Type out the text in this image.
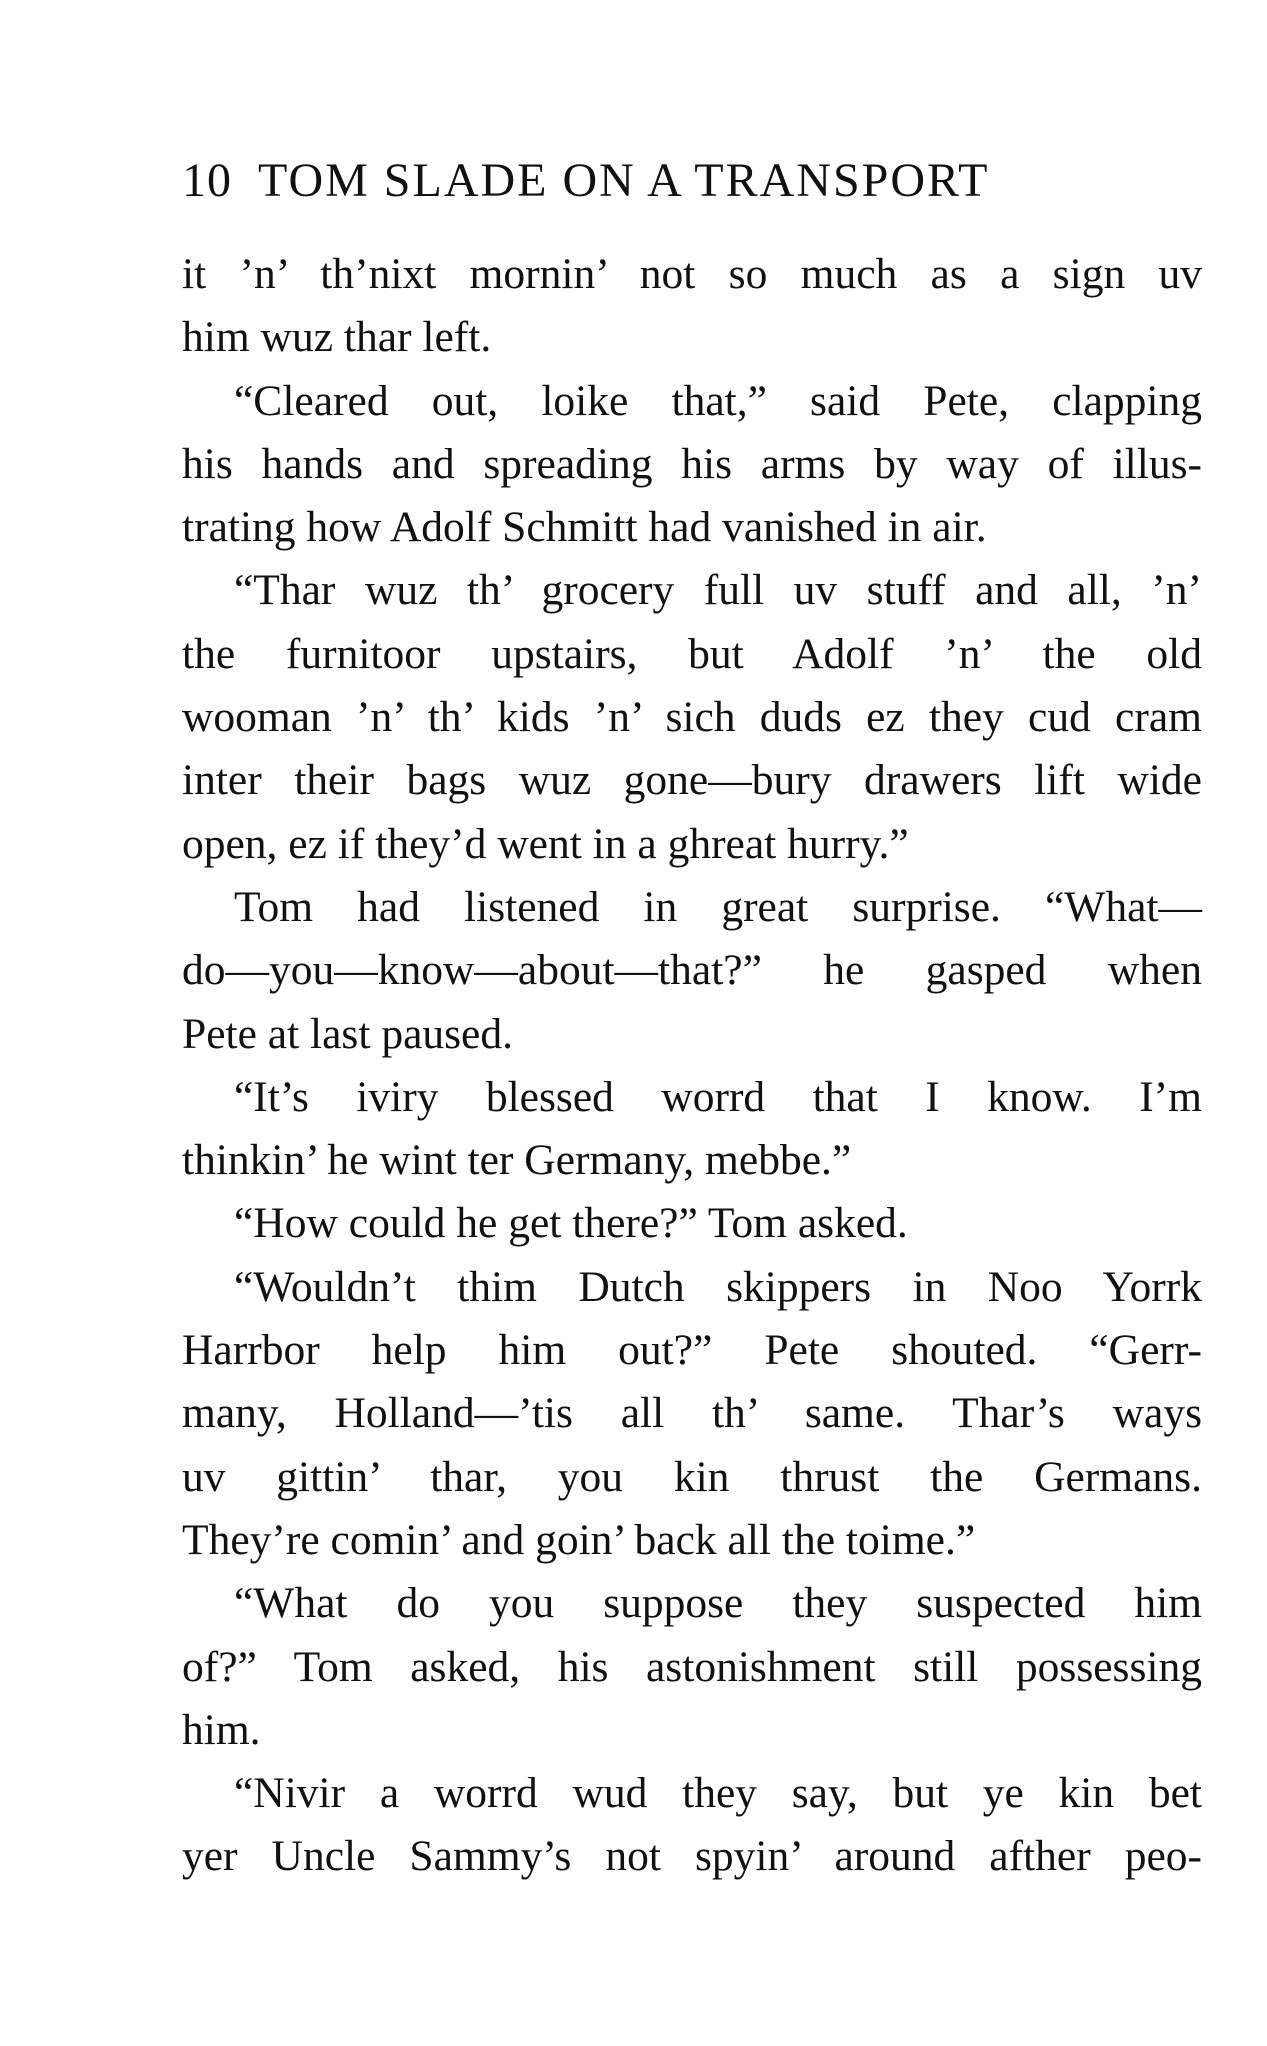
10 TOM SLADE ON A TRANSPORT
it ’n’ th’nixt mornin’ not so much as a sign uv
him wuz thar left.
“Cleared out, loike that,” said Pete, clapping
his hands and spreading his arms by way of illus-
trating how Adolf Schmitt had vanished in air.
“Thar wuz th’ grocery full uv stuff and all, ’n’
the furnitoor upstairs, but Adolf ’n’ the old
wooman ’n’ th’ kids ’n’ sich duds ez they cud cram
inter their bags wuz gone—bury drawers lift wide
open, ez if they’d went in a ghreat hurry.”
Tom had listened in great surprise. “What—
do—you—know—about—that?” he gasped when
Pete at last paused.
“It’s iviry blessed worrd that I know. I’m
thinkin’ he wint ter Germany, mebbe.”
“How could he get there?” Tom asked.
“Wouldn’t thim Dutch skippers in Noo Yorrk
Harrbor help him out?” Pete shouted. “Gerr-
many, Holland—’tis all th’ same. Thar’s ways
uv gittin’ thar, you kin thrust the Germans.
They’re comin’ and goin’ back all the toime.”
“What do you suppose they suspected him
of?” Tom asked, his astonishment still possessing
him.
“Nivir a worrd wud they say, but ye kin bet
yer Uncle Sammy’s not spyin’ around afther peo-
